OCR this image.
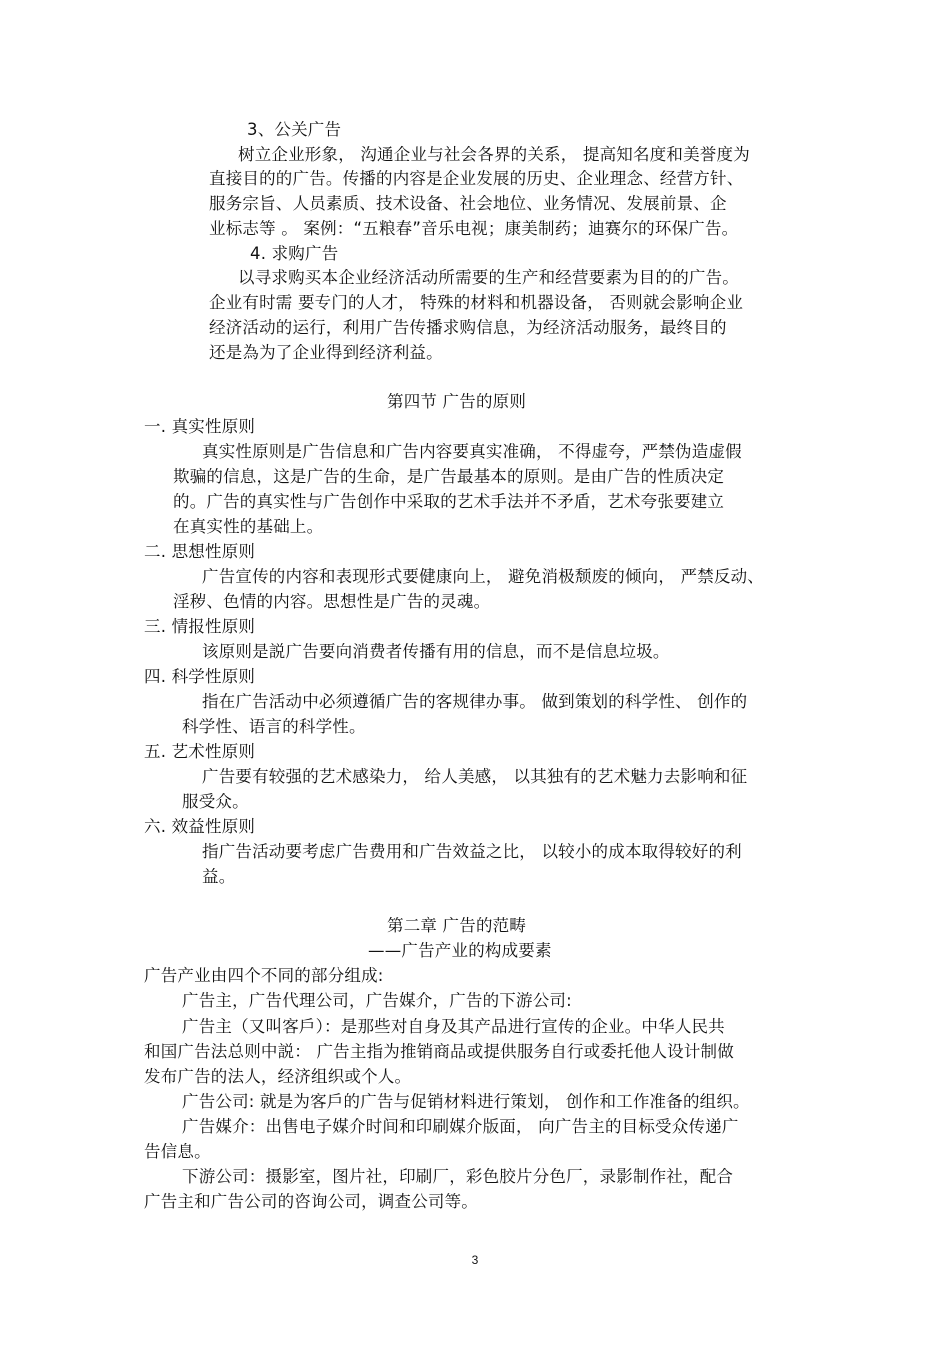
3、公关广告
树立企业形象， 沟通企业与社会各界的关系， 提高知名度和美誉度为
直接目的的广告。传播的内容是企业发展的历史、企业理念、经营方针、
服务宗旨、人员素质、技术设备、社会地位、业务情况、发展前景、企
业标志等 。 案例：“五粮春”音乐电视；康美制药；迪赛尔的环保广告。
4. 求购广告
以寻求购买本企业经济活动所需要的生产和经营要素为目的的广告。
企业有时需 要专门的人才， 特殊的材料和机器设备， 否则就会影响企业
经济活动的运行，利用广告传播求购信息，为经济活动服务，最终目的
还是為为了企业得到经济利益。
第四节 广告的原则
一. 真实性原则
真实性原则是广告信息和广告内容要真实准确， 不得虚夸，严禁伪造虚假
欺骗的信息，这是广告的生命，是广告最基本的原则。是由广告的性质决定
的。广告的真实性与广告创作中采取的艺术手法并不矛盾，艺术夸张要建立
在真实性的基础上。
二. 思想性原则
广告宣传的内容和表现形式要健康向上， 避免消极颓废的倾向， 严禁反动、
淫秽、色情的内容。思想性是广告的灵魂。
三. 情报性原则
该原则是説广告要向消费者传播有用的信息，而不是信息垃圾。
四. 科学性原则
指在广告活动中必须遵循广告的客规律办事。 做到策划的科学性、 创作的
科学性、语言的科学性。
五. 艺术性原则
广告要有较强的艺术感染力， 给人美感， 以其独有的艺术魅力去影响和征
服受众。
六. 效益性原则
指广告活动要考虑广告费用和广告效益之比， 以较小的成本取得较好的利
益。
第二章 广告的范畴
——广告产业的构成要素
广告产业由四个不同的部分组成:
广告主，广告代理公司，广告媒介，广告的下游公司:
广告主（又叫客戶）：是那些对自身及其产品进行宣传的企业。中华人民共
和国广告法总则中説： 广告主指为推销商品或提供服务自行或委托他人设计制做
发布广告的法人，经济组织或个人。
广告公司: 就是为客戶的广告与促销材料进行策划， 创作和工作准备的组织。
广告媒介：出售电子媒介时间和印刷媒介版面， 向广告主的目标受众传递广
告信息。
下游公司：摄影室，图片社，印刷厂，彩色胶片分色厂，录影制作社，配合
广告主和广告公司的咨询公司，调查公司等。
3
